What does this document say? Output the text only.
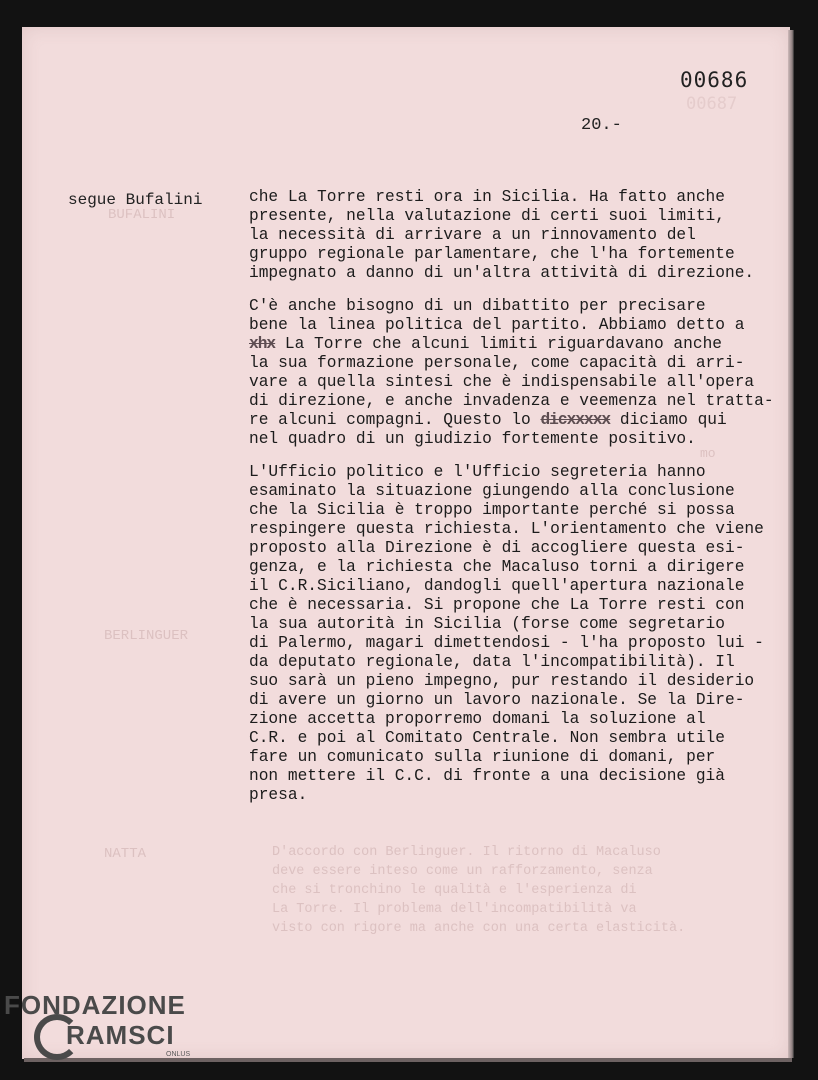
00687
00686
20.-
BUFALINI
BERLINGUER
NATTA	D'accordo con Berlinguer. Il ritorno di Macaluso
deve essere inteso come un rafforzamento, senza
che si tronchino le qualità e l'esperienza di
La Torre. Il problema dell'incompatibilità va
visto con rigore ma anche con una certa elasticità.
mo
segue Bufalini	che La Torre resti ora in Sicilia. Ha fatto anche
presente, nella valutazione di certi suoi limiti,
la necessità di arrivare a un rinnovamento del
gruppo regionale parlamentare, che l'ha fortemente
impegnato a danno di un'altra attività di direzione.
C'è anche bisogno di un dibattito per precisare
bene la linea politica del partito. Abbiamo detto a
xhx La Torre che alcuni limiti riguardavano anche
la sua formazione personale, come capacità di arri-
vare a quella sintesi che è indispensabile all'opera
di direzione, e anche invadenza e veemenza nel tratta-
re alcuni compagni. Questo lo dicxxxxx diciamo qui
nel quadro di un giudizio fortemente positivo.
L'Ufficio politico e l'Ufficio segreteria hanno
esaminato la situazione giungendo alla conclusione
che la Sicilia è troppo importante perché si possa
respingere questa richiesta. L'orientamento che viene
proposto alla Direzione è di accogliere questa esi-
genza, e la richiesta che Macaluso torni a dirigere
il C.R.Siciliano, dandogli quell'apertura nazionale
che è necessaria. Si propone che La Torre resti con
la sua autorità in Sicilia (forse come segretario
di Palermo, magari dimettendosi - l'ha proposto lui -
da deputato regionale, data l'incompatibilità). Il
suo sarà un pieno impegno, pur restando il desiderio
di avere un giorno un lavoro nazionale. Se la Dire-
zione accetta proporremo domani la soluzione al
C.R. e poi al Comitato Centrale. Non sembra utile
fare un comunicato sulla riunione di domani, per
non mettere il C.C. di fronte a una decisione già
presa.
FONDAZIONE
RAMSCI
ONLUS
